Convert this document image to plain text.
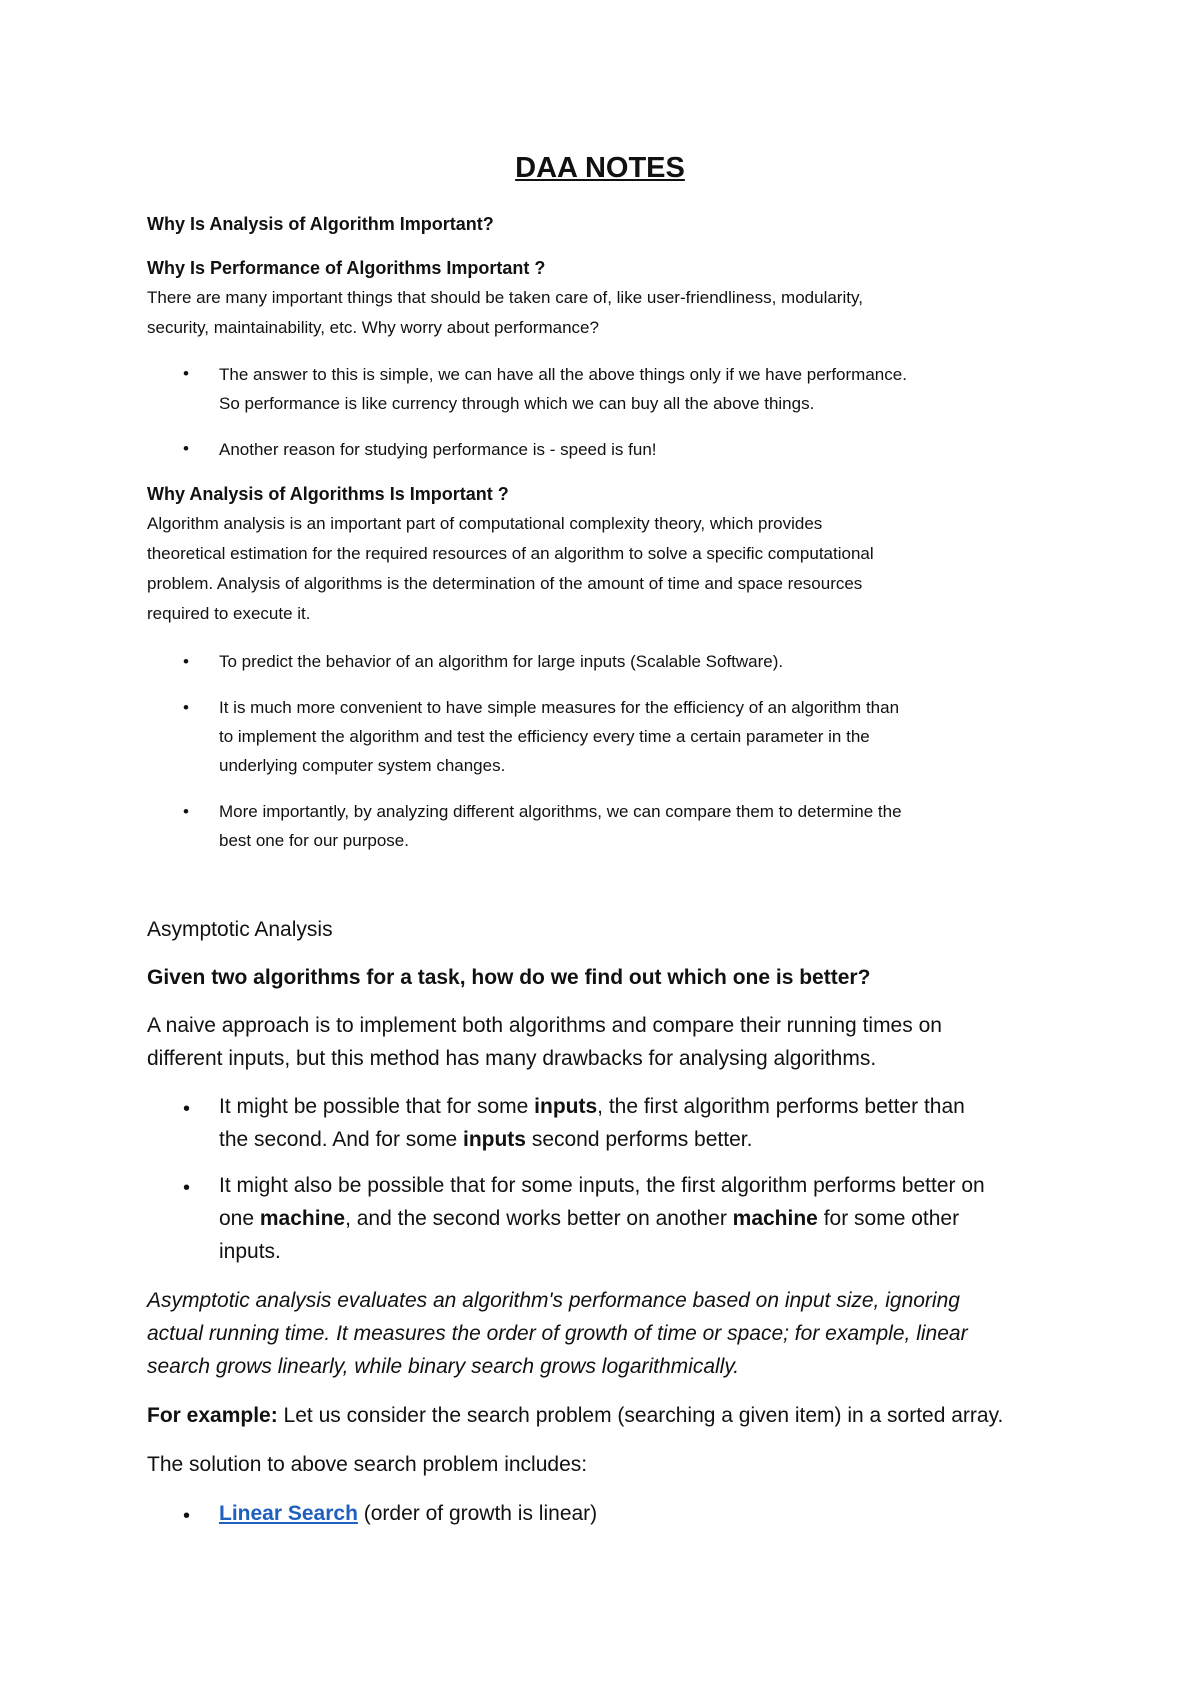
DAA NOTES
Why Is Analysis of Algorithm Important?
Why Is Performance of Algorithms Important ?
There are many important things that should be taken care of, like user-friendliness, modularity,
security, maintainability, etc. Why worry about performance?
• The answer to this is simple, we can have all the above things only if we have performance.
So performance is like currency through which we can buy all the above things.
• Another reason for studying performance is - speed is fun!
Why Analysis of Algorithms Is Important ?
Algorithm analysis is an important part of computational complexity theory, which provides
theoretical estimation for the required resources of an algorithm to solve a specific computational
problem. Analysis of algorithms is the determination of the amount of time and space resources
required to execute it.
• To predict the behavior of an algorithm for large inputs (Scalable Software).
• It is much more convenient to have simple measures for the efficiency of an algorithm than
to implement the algorithm and test the efficiency every time a certain parameter in the
underlying computer system changes.
• More importantly, by analyzing different algorithms, we can compare them to determine the
best one for our purpose.
Asymptotic Analysis
Given two algorithms for a task, how do we find out which one is better?
A naive approach is to implement both algorithms and compare their running times on
different inputs, but this method has many drawbacks for analysing algorithms.
• It might be possible that for some inputs, the first algorithm performs better than
the second. And for some inputs second performs better.
• It might also be possible that for some inputs, the first algorithm performs better on
one machine, and the second works better on another machine for some other
inputs.
Asymptotic analysis evaluates an algorithm's performance based on input size, ignoring
actual running time. It measures the order of growth of time or space; for example, linear
search grows linearly, while binary search grows logarithmically.
For example: Let us consider the search problem (searching a given item) in a sorted array.
The solution to above search problem includes:
• Linear Search (order of growth is linear)
